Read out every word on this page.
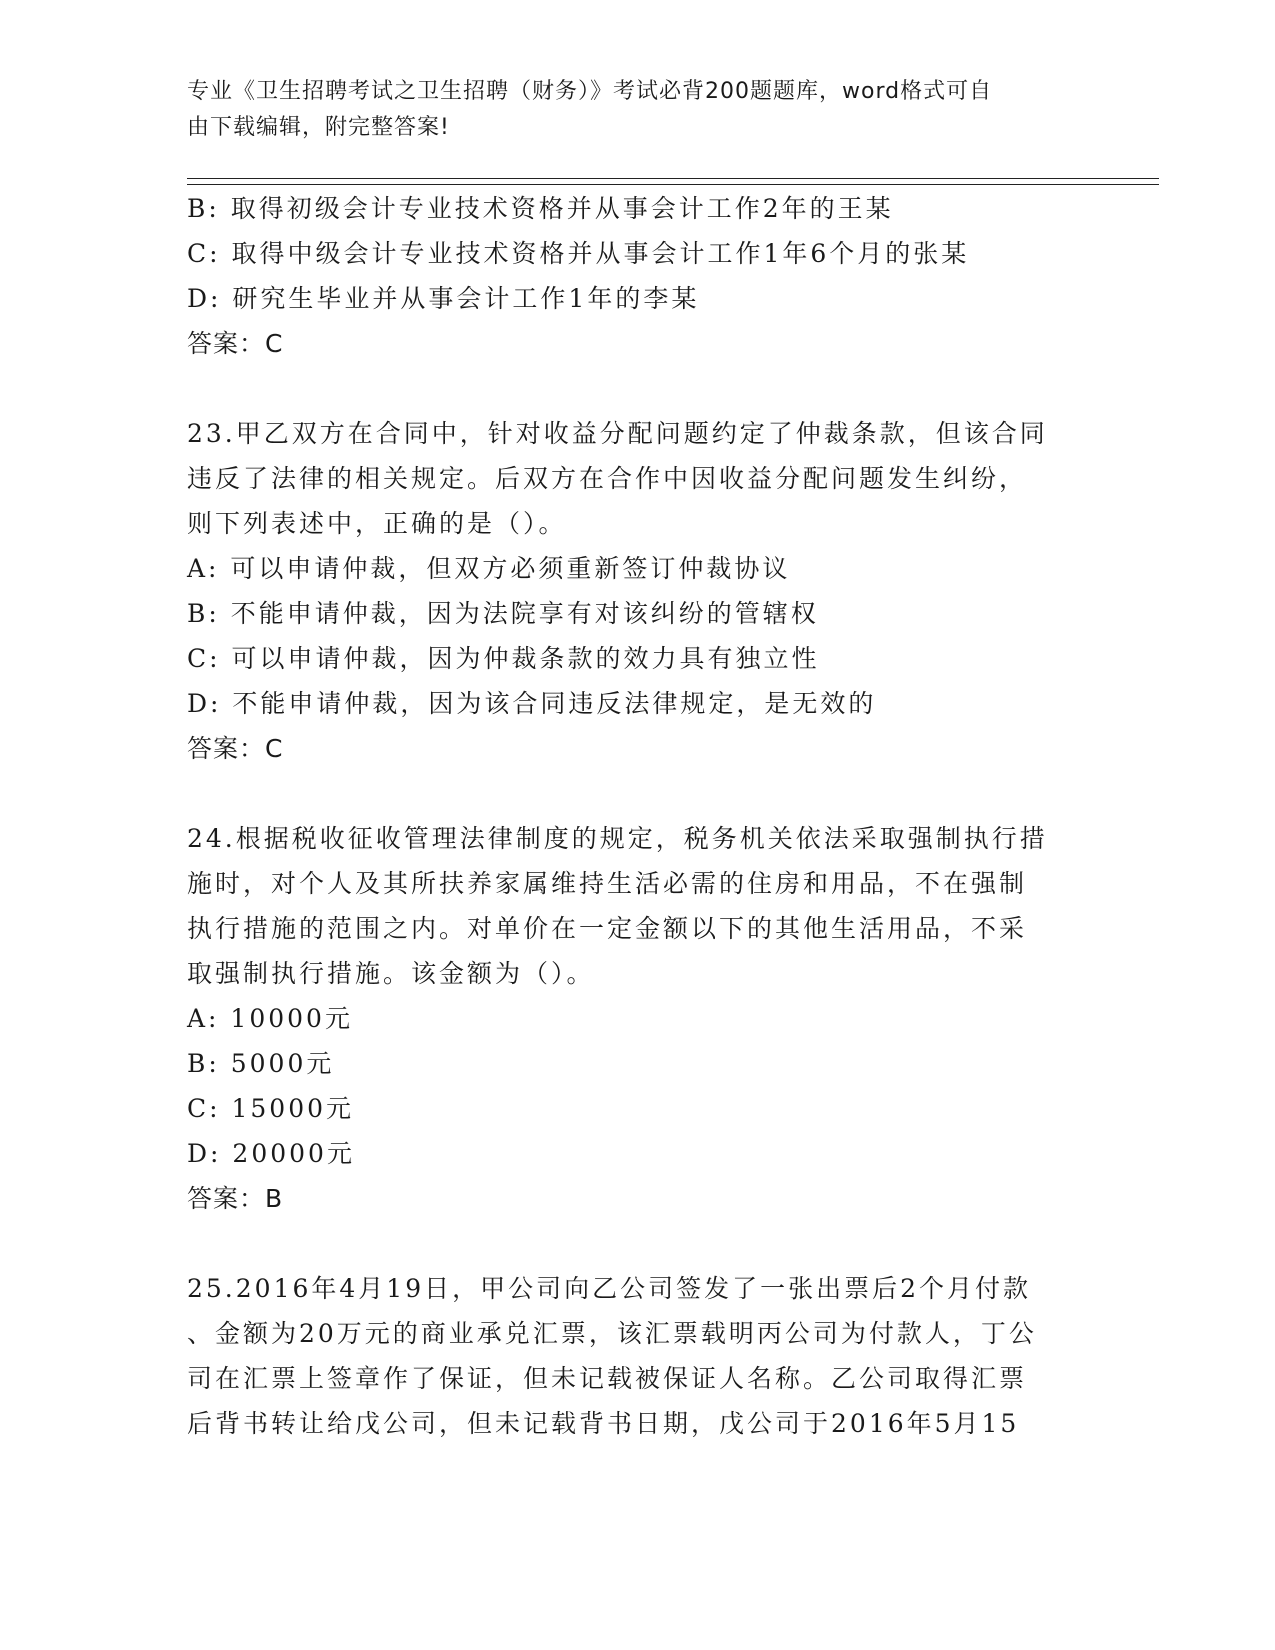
专业《卫生招聘考试之卫生招聘（财务）》考试必背200题题库，word格式可自
由下载编辑，附完整答案!
B: 取得初级会计专业技术资格并从事会计工作2年的王某
C: 取得中级会计专业技术资格并从事会计工作1年6个月的张某
D: 研究生毕业并从事会计工作1年的李某
答案：C
23.甲乙双方在合同中，针对收益分配问题约定了仲裁条款，但该合同
违反了法律的相关规定。后双方在合作中因收益分配问题发生纠纷，
则下列表述中，正确的是（）。
A: 可以申请仲裁，但双方必须重新签订仲裁协议
B: 不能申请仲裁，因为法院享有对该纠纷的管辖权
C: 可以申请仲裁，因为仲裁条款的效力具有独立性
D: 不能申请仲裁，因为该合同违反法律规定，是无效的
答案：C
24.根据税收征收管理法律制度的规定，税务机关依法采取强制执行措
施时，对个人及其所扶养家属维持生活必需的住房和用品，不在强制
执行措施的范围之内。对单价在一定金额以下的其他生活用品，不采
取强制执行措施。该金额为（）。
A: 10000元
B: 5000元
C: 15000元
D: 20000元
答案：B
25.2016年4月19日，甲公司向乙公司签发了一张出票后2个月付款
、金额为20万元的商业承兑汇票，该汇票载明丙公司为付款人，丁公
司在汇票上签章作了保证，但未记载被保证人名称。乙公司取得汇票
后背书转让给戊公司，但未记载背书日期，戊公司于2016年5月15
